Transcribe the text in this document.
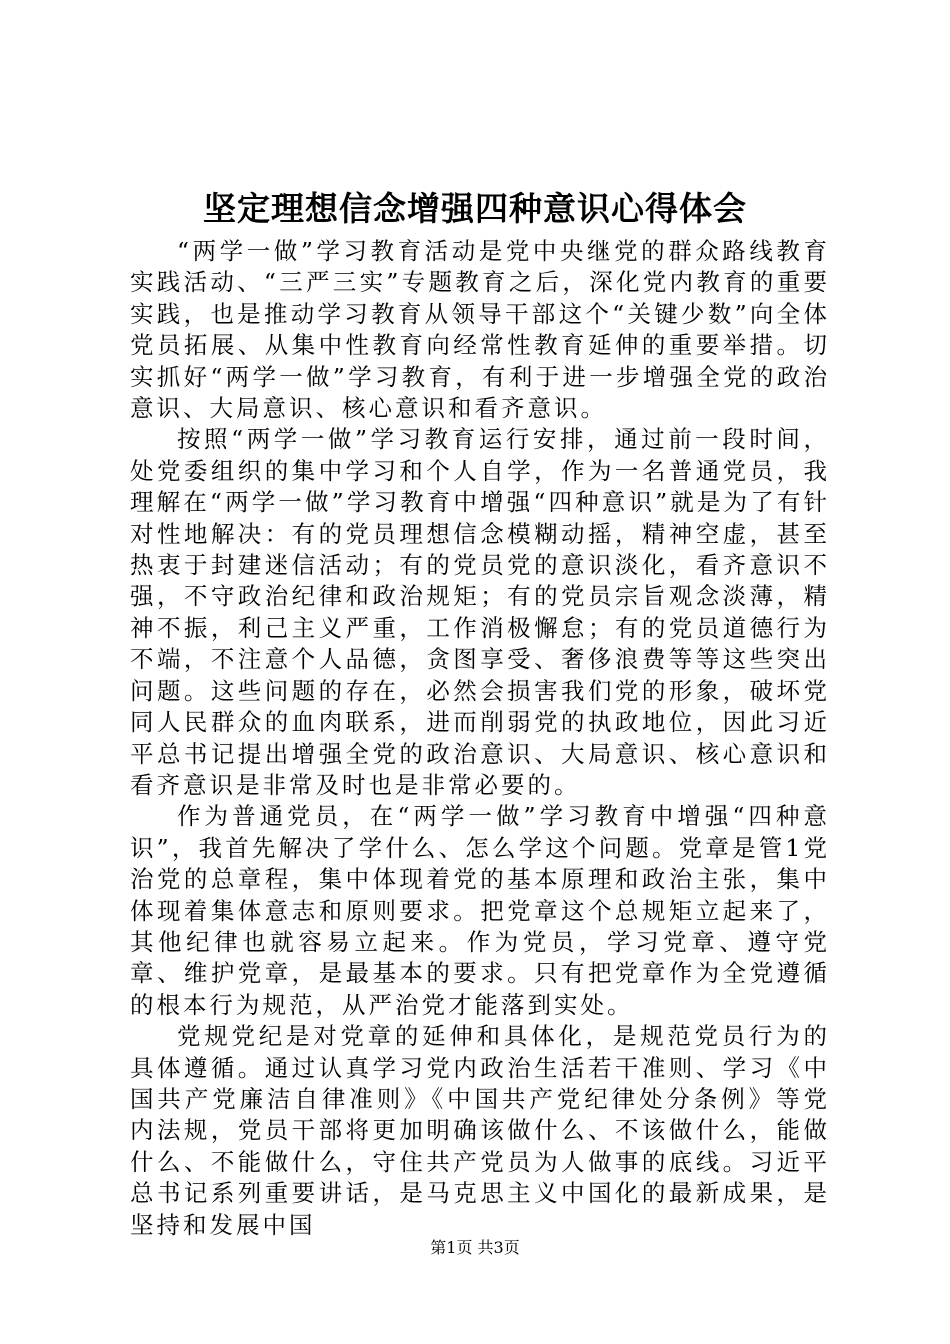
坚定理想信念增强四种意识心得体会

“两学一做”学习教育活动是党中央继党的群众路线教育实践活动、“三严三实”专题教育之后，深化党内教育的重要实践，也是推动学习教育从领导干部这个“关键少数”向全体党员拓展、从集中性教育向经常性教育延伸的重要举措。切实抓好“两学一做”学习教育，有利于进一步增强全党的政治意识、大局意识、核心意识和看齐意识。

按照“两学一做”学习教育运行安排，通过前一段时间，处党委组织的集中学习和个人自学，作为一名普通党员，我理解在“两学一做”学习教育中增强“四种意识”就是为了有针对性地解决：有的党员理想信念模糊动摇，精神空虚，甚至热衷于封建迷信活动；有的党员党的意识淡化，看齐意识不强，不守政治纪律和政治规矩；有的党员宗旨观念淡薄，精神不振，利己主义严重，工作消极懈怠；有的党员道德行为不端，不注意个人品德，贪图享受、奢侈浪费等等这些突出问题。这些问题的存在，必然会损害我们党的形象，破坏党同人民群众的血肉联系，进而削弱党的执政地位，因此习近平总书记提出增强全党的政治意识、大局意识、核心意识和看齐意识是非常及时也是非常必要的。

作为普通党员，在“两学一做”学习教育中增强“四种意识”，我首先解决了学什么、怎么学这个问题。党章是管1党治党的总章程，集中体现着党的基本原理和政治主张，集中体现着集体意志和原则要求。把党章这个总规矩立起来了，其他纪律也就容易立起来。作为党员，学习党章、遵守党章、维护党章，是最基本的要求。只有把党章作为全党遵循的根本行为规范，从严治党才能落到实处。

党规党纪是对党章的延伸和具体化，是规范党员行为的具体遵循。通过认真学习党内政治生活若干准则、学习《中国共产党廉洁自律准则》《中国共产党纪律处分条例》等党内法规，党员干部将更加明确该做什么、不该做什么，能做什么、不能做什么，守住共产党员为人做事的底线。习近平总书记系列重要讲话，是马克思主义中国化的最新成果，是坚持和发展中国

第1页 共3页
